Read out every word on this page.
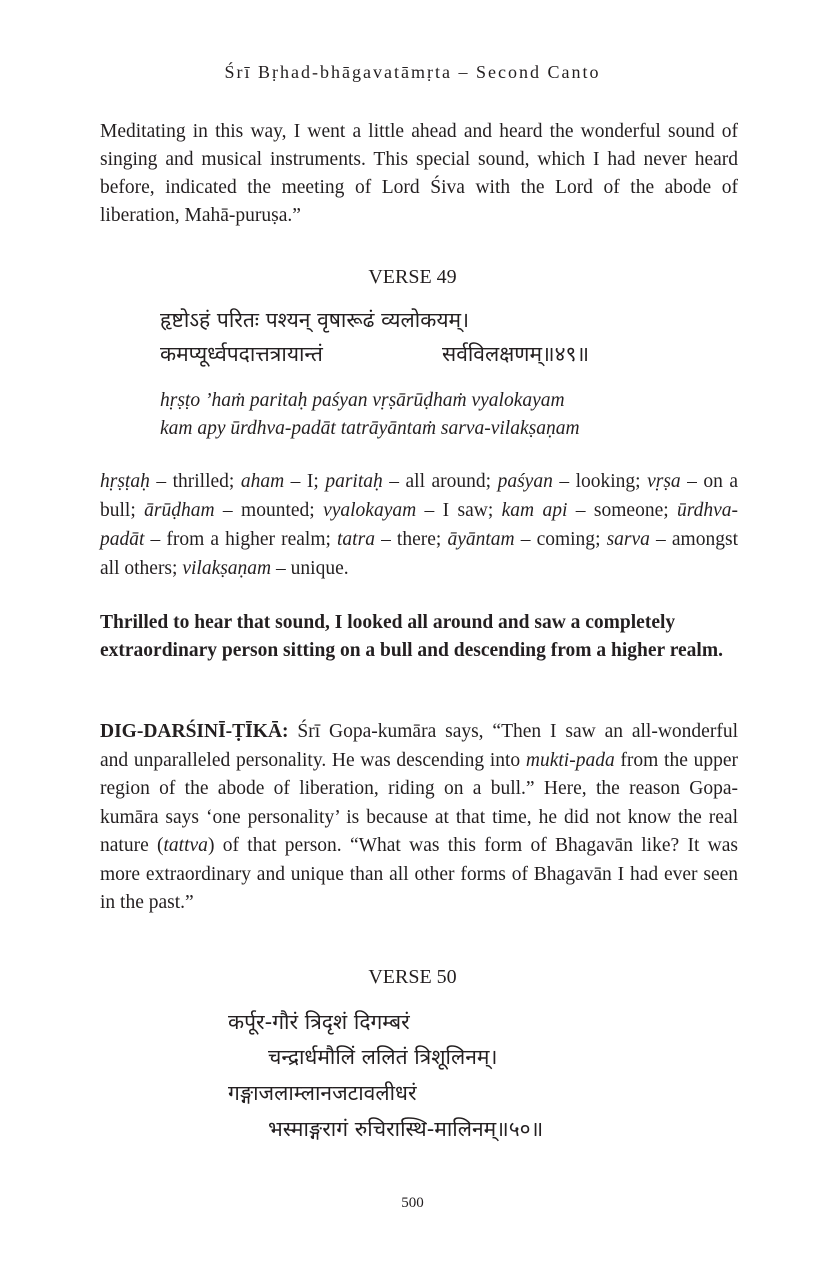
Śrī Bṛhad-bhāgavatāmṛta – Second Canto

Meditating in this way, I went a little ahead and heard the wonderful sound of singing and musical instruments. This special sound, which I had never heard before, indicated the meeting of Lord Śiva with the Lord of the abode of liberation, Mahā-puruṣa.”

VERSE 49
हृष्टोऽहं परितः पश्यन् वृषारूढं व्यलोकयम्।
कमप्यूर्ध्वपदात्तत्रायान्तं	सर्वविलक्षणम्॥४९॥
hṛṣṭo ’haṁ paritaḥ paśyan vṛṣārūḍhaṁ vyalokayam
kam apy ūrdhva-padāt tatrāyāntaṁ sarva-vilakṣaṇam

hṛṣṭaḥ – thrilled; aham – I; paritaḥ – all around; paśyan – looking; vṛṣa – on a bull; ārūḍham – mounted; vyalokayam – I saw; kam api – someone; ūrdhva-padāt – from a higher realm; tatra – there; āyāntam – coming; sarva – amongst all others; vilakṣaṇam – unique.

Thrilled to hear that sound, I looked all around and saw a completely extraordinary person sitting on a bull and descending from a higher realm.

DIG-DARŚINĪ-ṬĪKĀ: Śrī Gopa-kumāra says, “Then I saw an all-wonderful and unparalleled personality. He was descending into mukti-pada from the upper region of the abode of liberation, riding on a bull.” Here, the reason Gopa-kumāra says ‘one personality’ is because at that time, he did not know the real nature (tattva) of that person. “What was this form of Bhagavān like? It was more extraordinary and unique than all other forms of Bhagavān I had ever seen in the past.”

VERSE 50
कर्पूर-गौरं त्रिदृशं दिगम्बरं
चन्द्रार्धमौलिं ललितं त्रिशूलिनम्।
गङ्गाजलाम्लानजटावलीधरं
भस्माङ्गरागं रुचिरास्थि-मालिनम्॥५०॥
500
